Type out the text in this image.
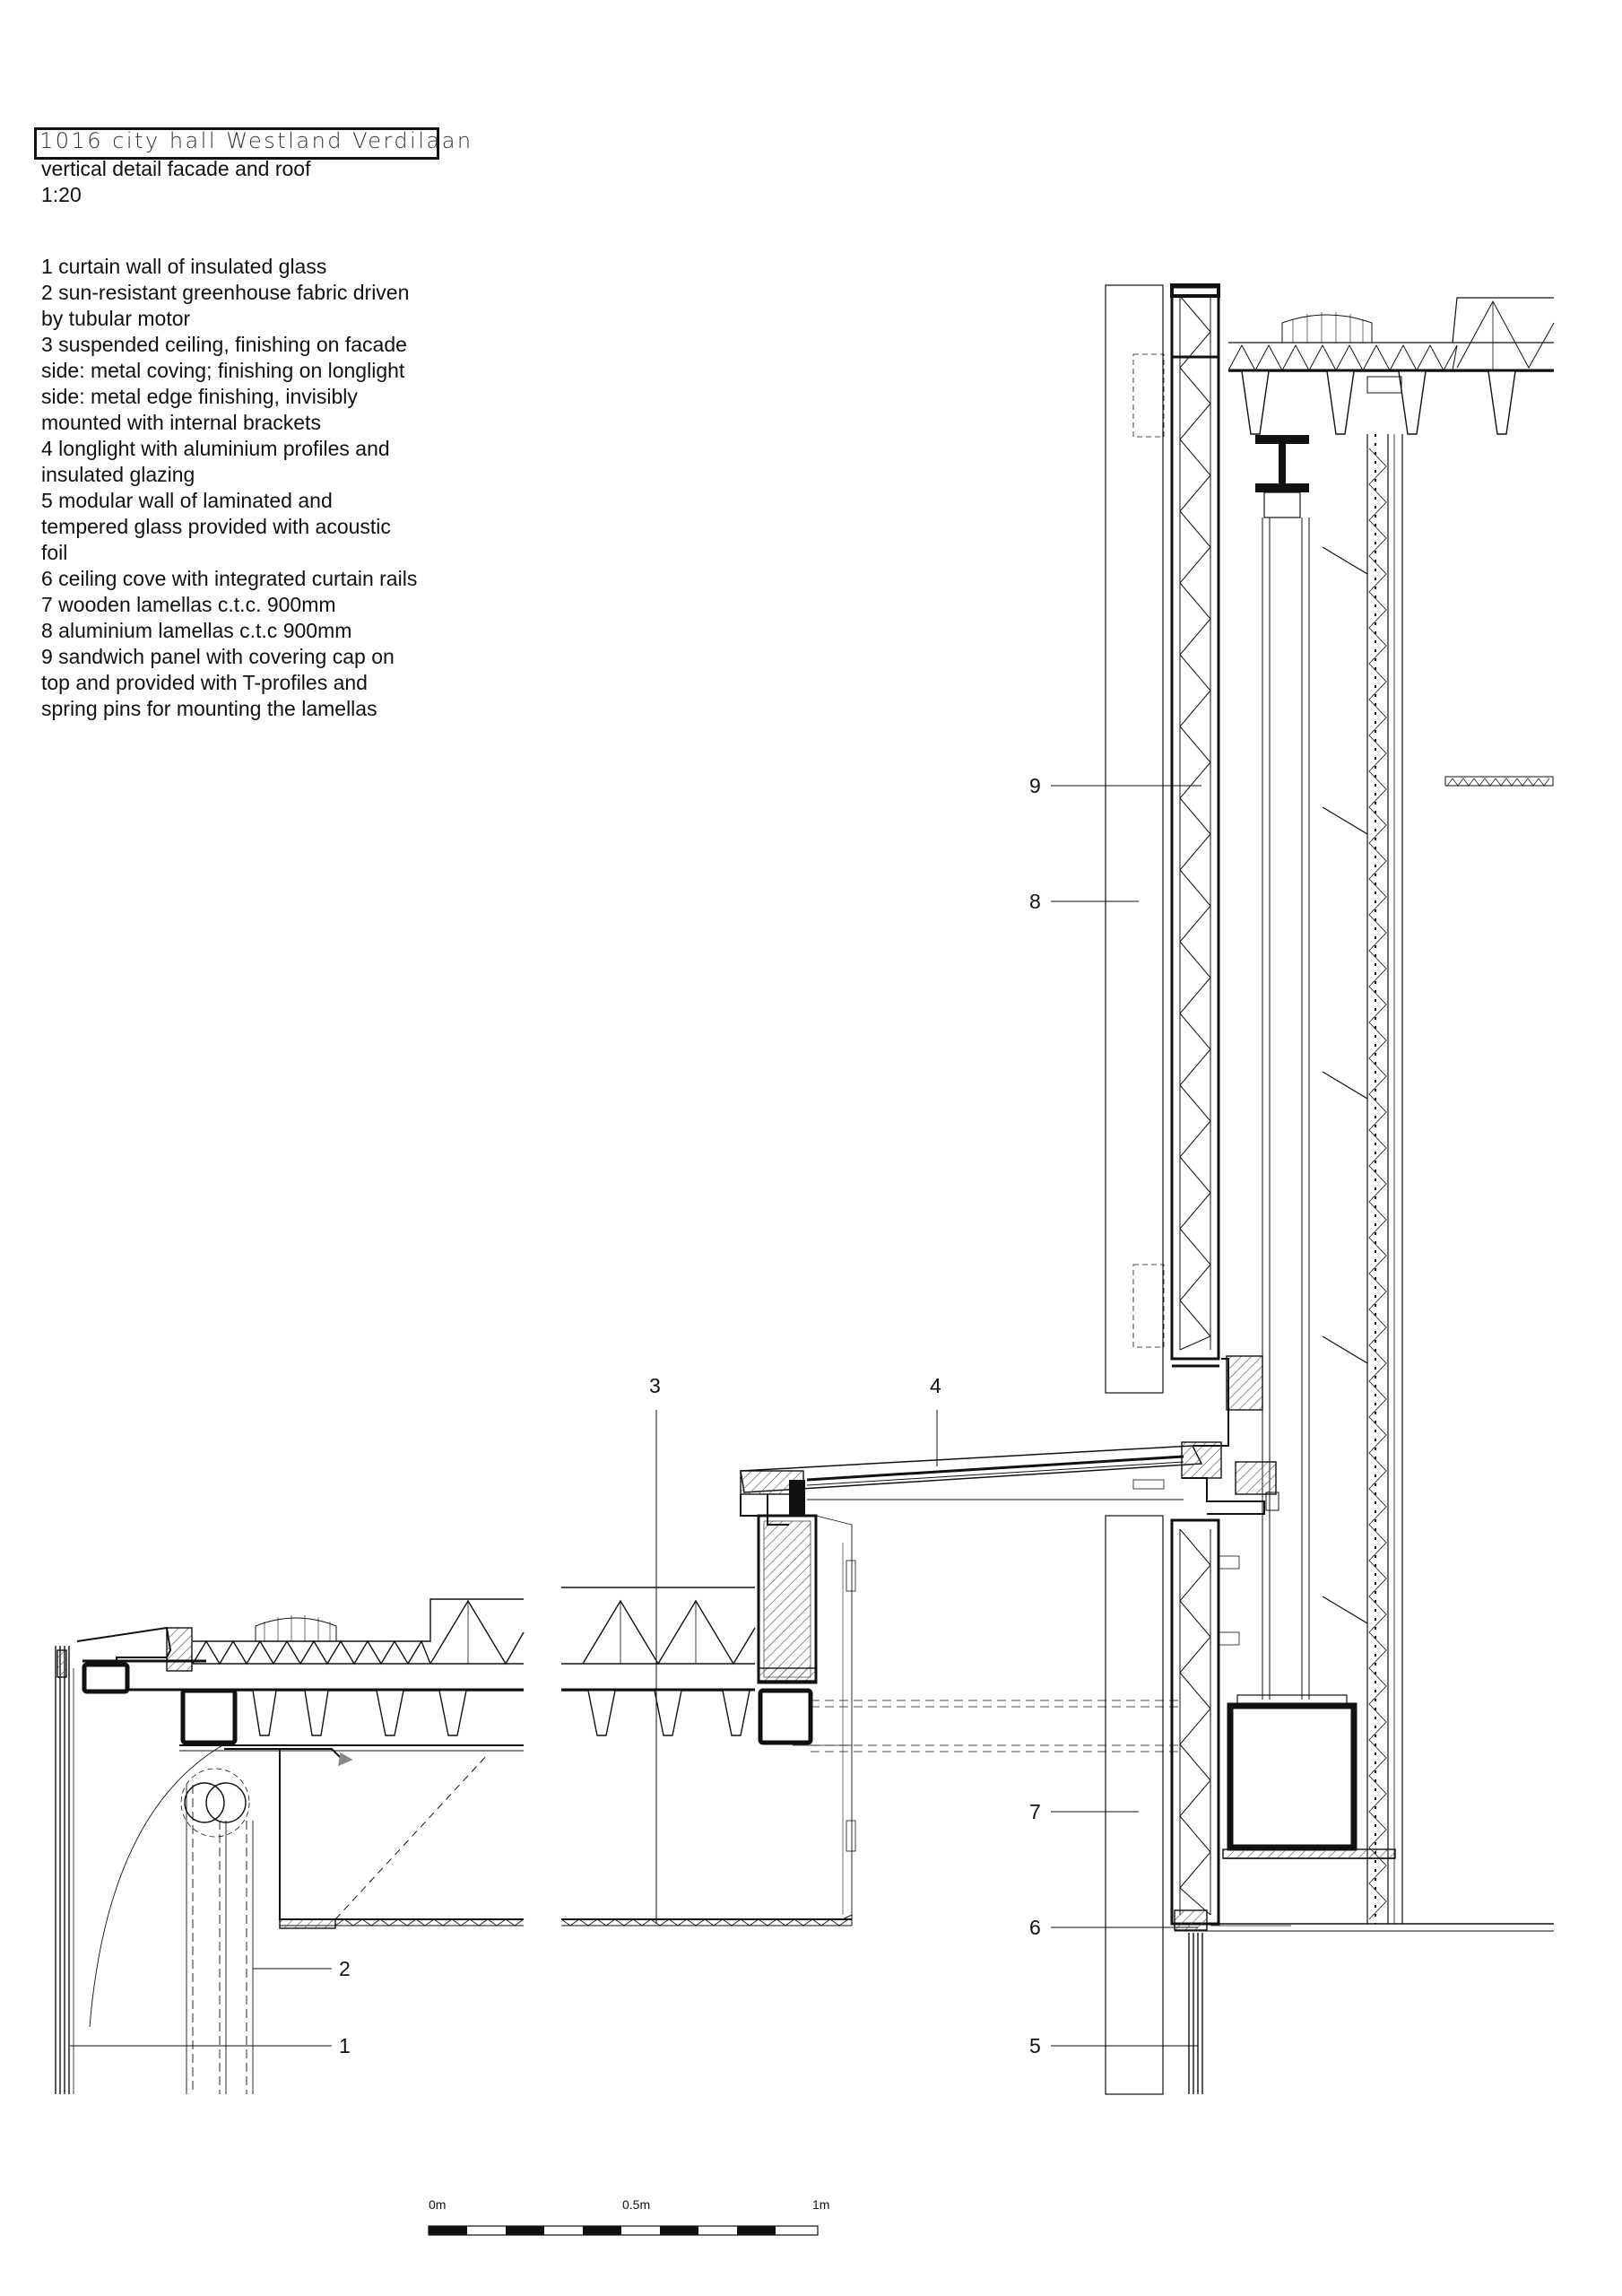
1016 city hall Westland Verdilaan
vertical detail facade and roof
1:20

1 curtain wall of insulated glass

2 sun-resistant greenhouse fabric driven by tubular motor

3 suspended ceiling, finishing on facade side: metal coving; finishing on longlight side: metal edge finishing, invisibly mounted with internal brackets

4 longlight with aluminium profiles and insulated glazing

5 modular wall of laminated and tempered glass provided with acoustic foil

6 ceiling cove with integrated curtain rails

7 wooden lamellas c.t.c. 900mm

8 aluminium lamellas c.t.c 900mm

9 sandwich panel with covering cap on top and provided with T-profiles and spring pins for mounting the lamellas

1
2
3	4
5
6
7
8
9
0m	0.5m	1m
